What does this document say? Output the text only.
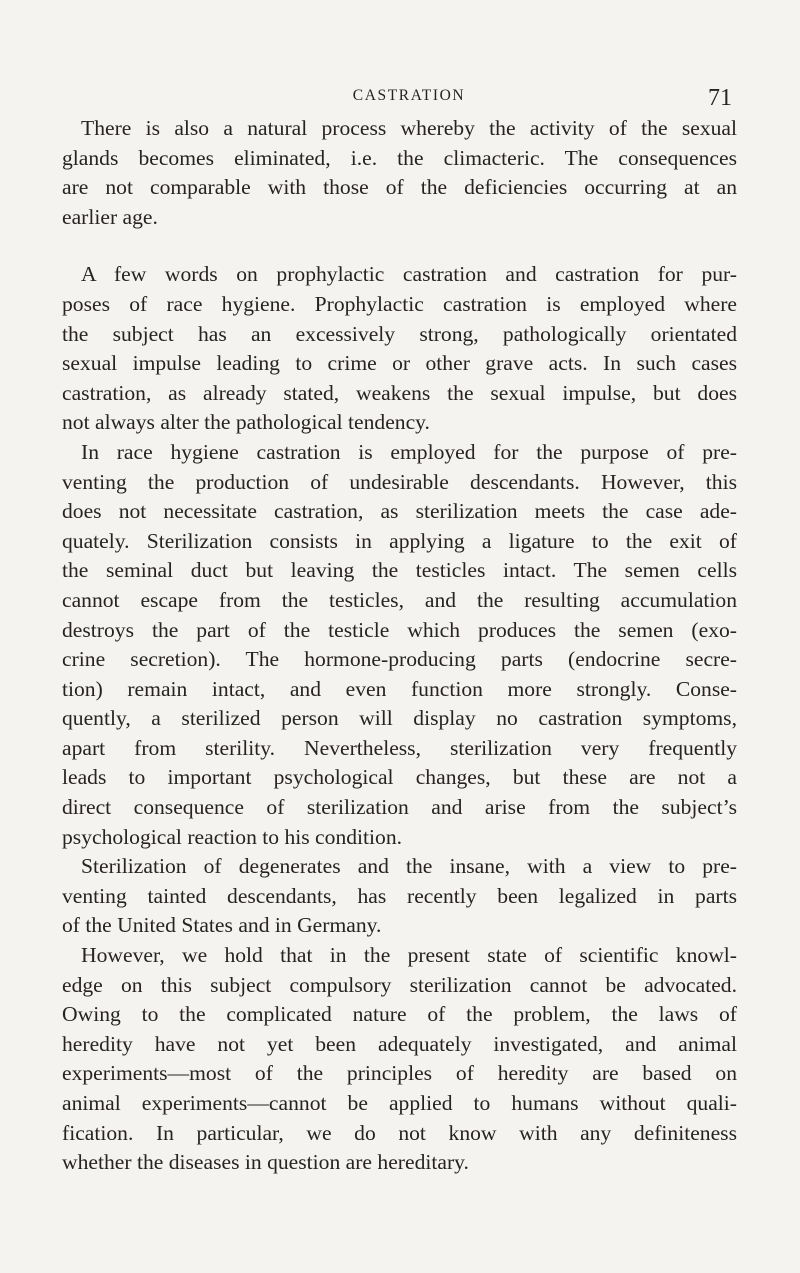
CASTRATION	71

There is also a natural process whereby the activity of the sexual
glands becomes eliminated, i.e. the climacteric. The consequences
are not comparable with those of the deficiencies occurring at an
earlier age.

A few words on prophylactic castration and castration for pur-
poses of race hygiene. Prophylactic castration is employed where
the subject has an excessively strong, pathologically orientated
sexual impulse leading to crime or other grave acts. In such cases
castration, as already stated, weakens the sexual impulse, but does
not always alter the pathological tendency.

In race hygiene castration is employed for the purpose of pre-
venting the production of undesirable descendants. However, this
does not necessitate castration, as sterilization meets the case ade-
quately. Sterilization consists in applying a ligature to the exit of
the seminal duct but leaving the testicles intact. The semen cells
cannot escape from the testicles, and the resulting accumulation
destroys the part of the testicle which produces the semen (exo-
crine secretion). The hormone-producing parts (endocrine secre-
tion) remain intact, and even function more strongly. Conse-
quently, a sterilized person will display no castration symptoms,
apart from sterility. Nevertheless, sterilization very frequently
leads to important psychological changes, but these are not a
direct consequence of sterilization and arise from the subject’s
psychological reaction to his condition.

Sterilization of degenerates and the insane, with a view to pre-
venting tainted descendants, has recently been legalized in parts
of the United States and in Germany.

However, we hold that in the present state of scientific knowl-
edge on this subject compulsory sterilization cannot be advocated.
Owing to the complicated nature of the problem, the laws of
heredity have not yet been adequately investigated, and animal
experiments—most of the principles of heredity are based on
animal experiments—cannot be applied to humans without quali-
fication. In particular, we do not know with any definiteness
whether the diseases in question are hereditary.
